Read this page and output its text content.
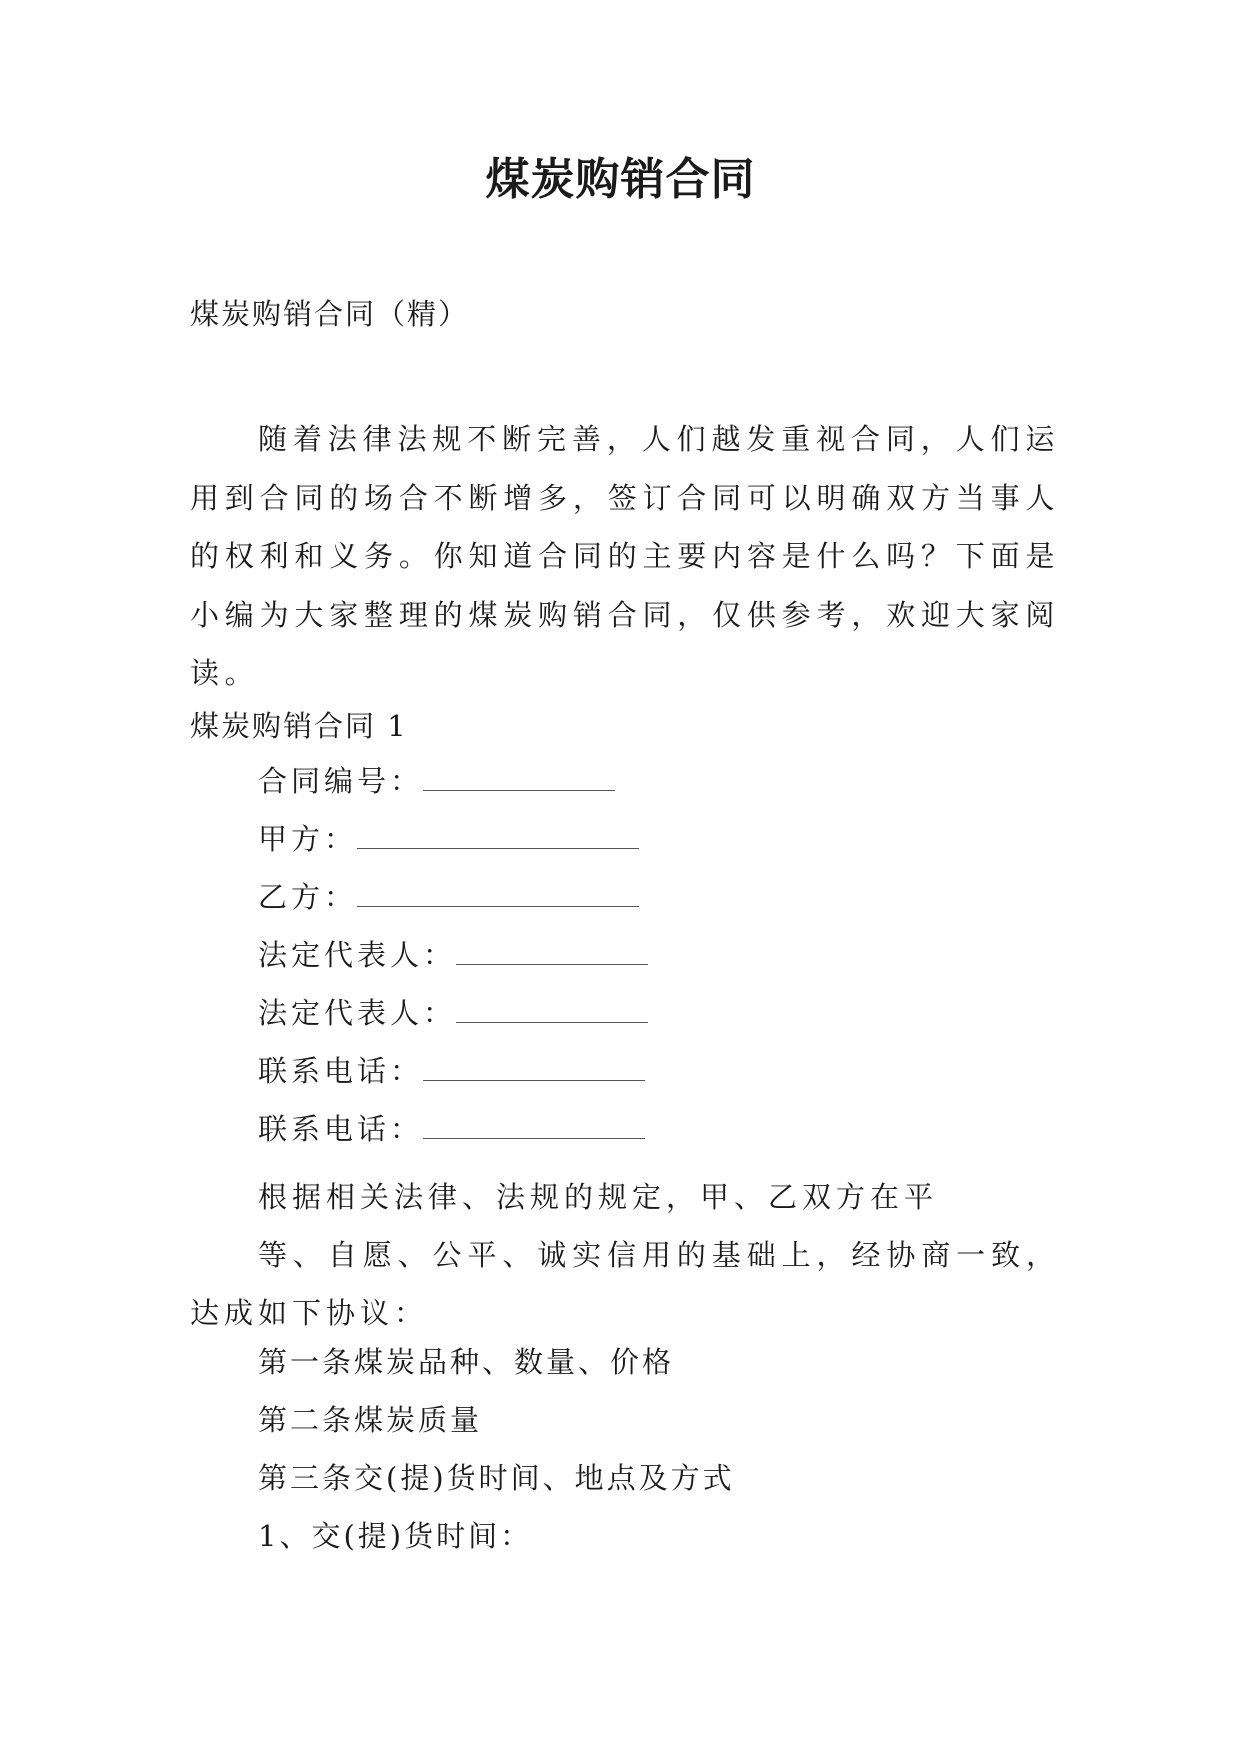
煤炭购销合同
煤炭购销合同（精）

随着法律法规不断完善，人们越发重视合同，人们运用到合同的场合不断增多，签订合同可以明确双方当事人的权利和义务。你知道合同的主要内容是什么吗？下面是小编为大家整理的煤炭购销合同，仅供参考，欢迎大家阅读。

煤炭购销合同 1
合同编号：
甲方：
乙方：
法定代表人：
法定代表人：
联系电话：
联系电话：

根据相关法律、法规的规定，甲、乙双方在平

等、自愿、公平、诚实信用的基础上，经协商一致，达成如下协议：

第一条煤炭品种、数量、价格
第二条煤炭质量
第三条交(提)货时间、地点及方式
1、交(提)货时间：
